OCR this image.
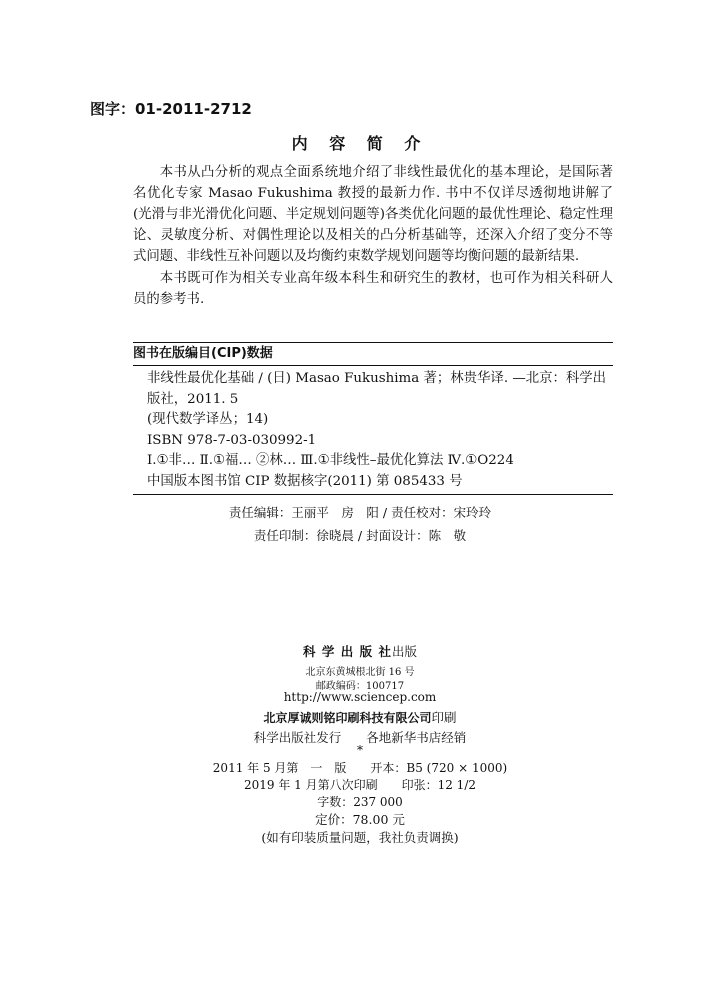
图字：01-2011-2712
内 容 简 介

本书从凸分析的观点全面系统地介绍了非线性最优化的基本理论，是国际著名优化专家 Masao Fukushima 教授的最新力作. 书中不仅详尽透彻地讲解了(光滑与非光滑优化问题、半定规划问题等)各类优化问题的最优性理论、稳定性理论、灵敏度分析、对偶性理论以及相关的凸分析基础等，还深入介绍了变分不等式问题、非线性互补问题以及均衡约束数学规划问题等均衡问题的最新结果.

本书既可作为相关专业高年级本科生和研究生的教材，也可作为相关科研人员的参考书.

图书在版编目(CIP)数据
非线性最优化基础 / (日) Masao Fukushima 著；林贵华译. —北京：科学出版社，2011. 5
(现代数学译丛；14)
ISBN 978-7-03-030992-1
Ⅰ.①非… Ⅱ.①福… ②林… Ⅲ.①非线性–最优化算法 Ⅳ.①O224
中国版本图书馆 CIP 数据核字(2011) 第 085433 号
责任编辑：王丽平　房　阳 / 责任校对：宋玲玲
责任印制：徐晓晨 / 封面设计：陈　敬
科 学 出 版 社出版
北京东黄城根北街 16 号
邮政编码：100717
http://www.sciencep.com
北京厚诚则铭印刷科技有限公司印刷
科学出版社发行　　各地新华书店经销
*
2011 年 5 月第　一　版　　开本：B5 (720 × 1000)
2019 年 1 月第八次印刷　　印张：12 1/2
字数：237 000
定价：78.00 元
(如有印装质量问题，我社负责调换)
